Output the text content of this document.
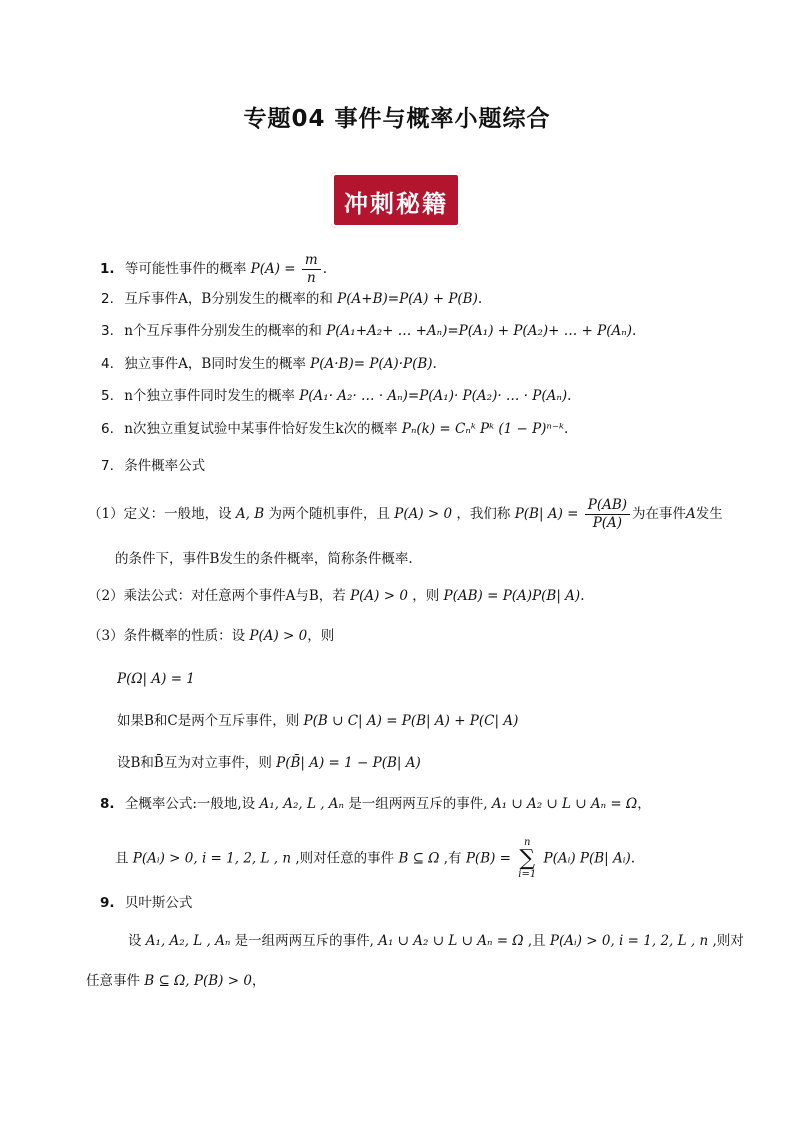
专题04 事件与概率小题综合
冲刺秘籍
1. 等可能性事件的概率 $P(A) = \frac{m}{n}$ .
2. 互斥事件A，B分别发生的概率的和 P(A+B)=P(A) + P(B).
3. n个互斥事件分别发生的概率的和 P(A₁+A₂+ … +Aₙ)=P(A₁) + P(A₂)+ … + P(Aₙ).
4. 独立事件A，B同时发生的概率 P(A·B)= P(A)·P(B).
5. n个独立事件同时发生的概率 P(A₁· A₂· … · Aₙ)=P(A₁)· P(A₂)· … · P(Aₙ).
6. n次独立重复试验中某事件恰好发生k次的概率 Pₙ(k) = Cₙᵏ Pᵏ (1 − P)ⁿ⁻ᵏ.
7. 条件概率公式
（1）定义：一般地，设 A, B 为两个随机事件，且 P(A) > 0 ，我们称 P(B| $A) = \frac{P(AB)}{P(A)}$ 为在事件A发生
的条件下，事件B发生的条件概率，简称条件概率.
（2）乘法公式：对任意两个事件A与B，若 P(A) > 0 ，则 P(AB) = P(A)P(B| A).
（3）条件概率的性质：设 P(A) > 0，则
P(Ω| A) = 1
如果B和C是两个互斥事件，则 P(B ∪ C| A) = P(B| A) + P(C| A)
设B和B̄互为对立事件，则 P(B̄| A) = 1 − P(B| A)
8. 全概率公式:一般地,设 A₁, A₂, L , Aₙ 是一组两两互斥的事件, A₁ ∪ A₂ ∪ L ∪ Aₙ = Ω，
且 P(Aᵢ) > 0, i = 1, 2, L , n ,则对任意的事件 B ⊆ Ω ,有 P(B) = n
∑
i=1 P(Aᵢ) P(B| Aᵢ).
9. 贝叶斯公式
设 A₁, A₂, L , Aₙ 是一组两两互斥的事件, A₁ ∪ A₂ ∪ L ∪ Aₙ = Ω ,且 P(Aᵢ) > 0, i = 1, 2, L , n ,则对
任意事件 B ⊆ Ω, P(B) > 0，
